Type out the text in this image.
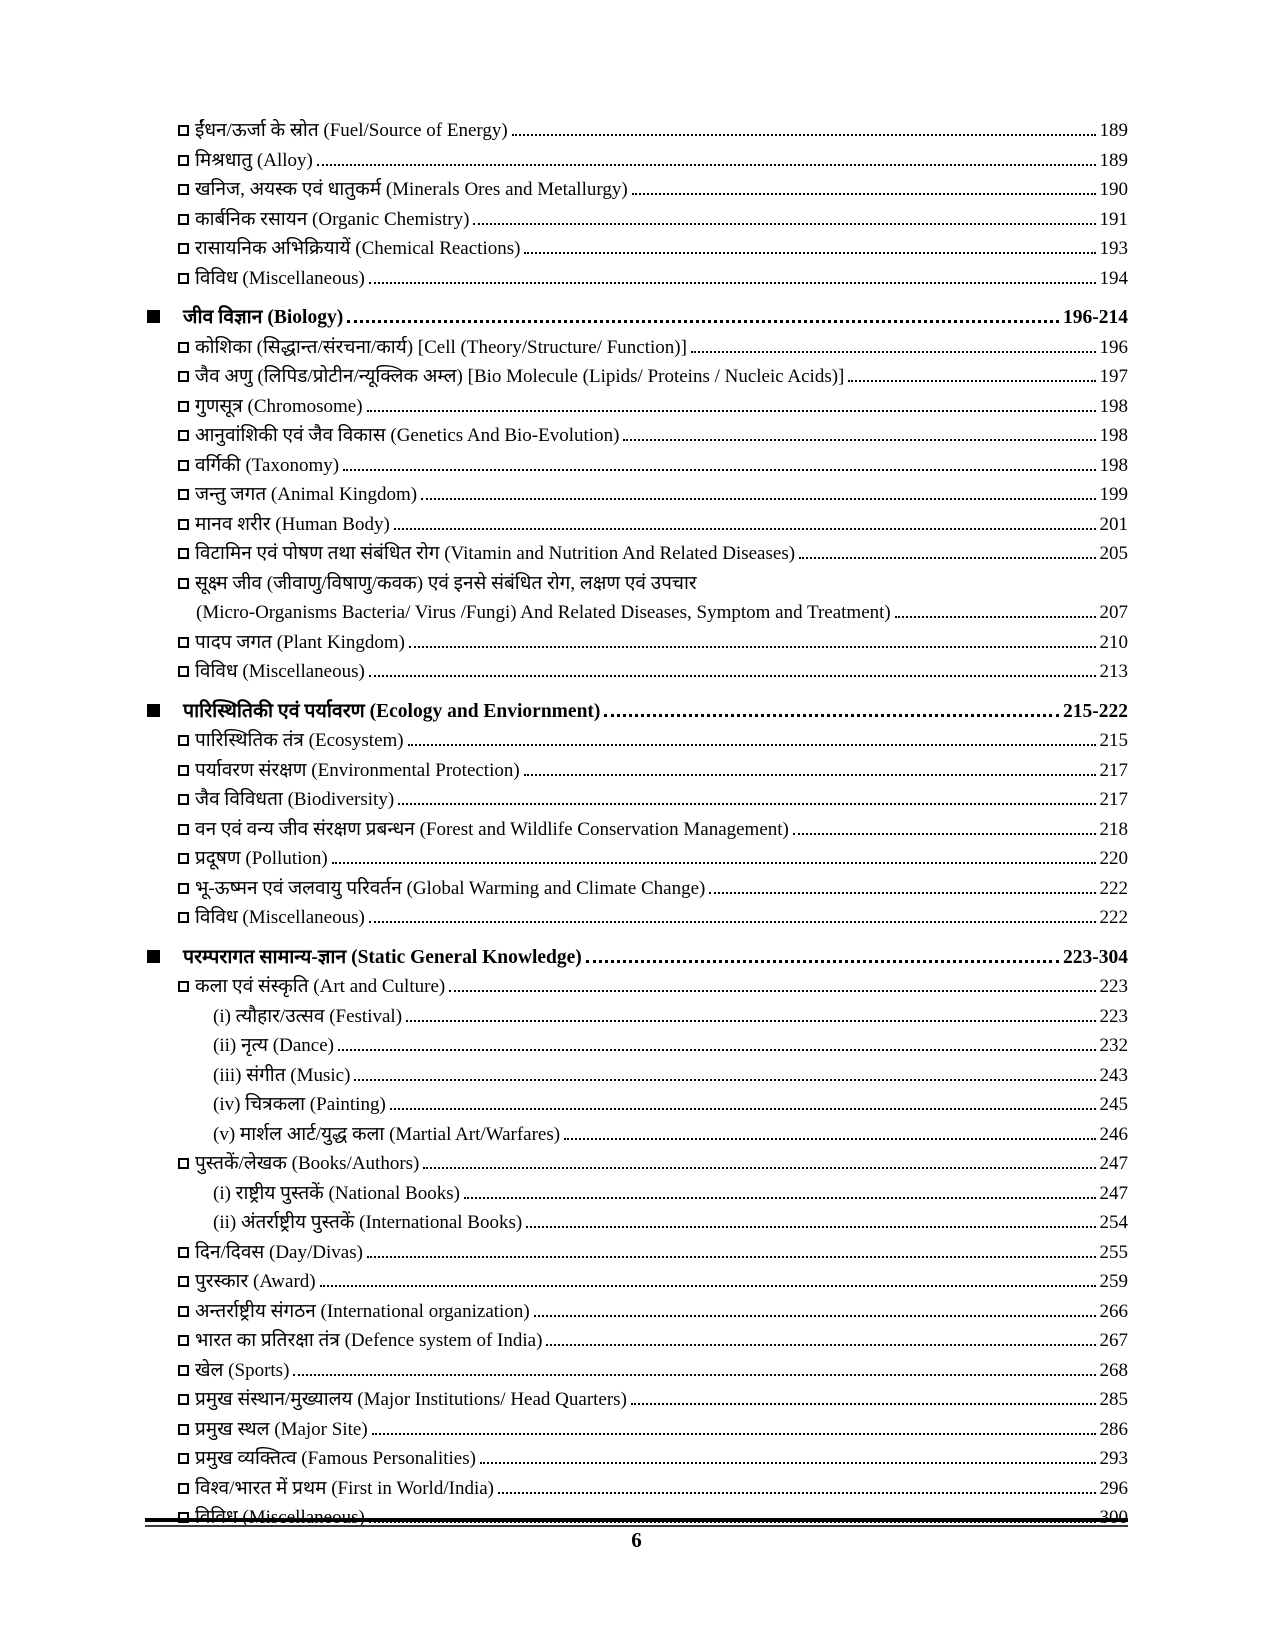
ईंधन/ऊर्जा के स्रोत (Fuel/Source of Energy)	189
मिश्रधातु (Alloy)	189
खनिज, अयस्क एवं धातुकर्म (Minerals Ores and Metallurgy)	190
कार्बनिक रसायन (Organic Chemistry)	191
रासायनिक अभिक्रियायें (Chemical Reactions)	193
विविध (Miscellaneous)	194
जीव विज्ञान (Biology)	196-214
कोशिका (सिद्धान्त/संरचना/कार्य) [Cell (Theory/Structure/ Function)]	196
जैव अणु (लिपिड/प्रोटीन/न्यूक्लिक अम्ल) [Bio Molecule (Lipids/ Proteins / Nucleic Acids)]	197
गुणसूत्र (Chromosome)	198
आनुवांशिकी एवं जैव विकास (Genetics And Bio-Evolution)	198
वर्गिकी (Taxonomy)	198
जन्तु जगत (Animal Kingdom)	199
मानव शरीर (Human Body)	201
विटामिन एवं पोषण तथा संबंधित रोग (Vitamin and Nutrition And Related Diseases)	205
सूक्ष्म जीव (जीवाणु/विषाणु/कवक) एवं इनसे संबंधित रोग, लक्षण एवं उपचार
(Micro-Organisms Bacteria/ Virus /Fungi) And Related Diseases, Symptom and Treatment)	207
पादप जगत (Plant Kingdom)	210
विविध (Miscellaneous)	213
पारिस्थितिकी एवं पर्यावरण (Ecology and Enviornment)	215-222
पारिस्थितिक तंत्र (Ecosystem)	215
पर्यावरण संरक्षण (Environmental Protection)	217
जैव विविधता (Biodiversity)	217
वन एवं वन्य जीव संरक्षण प्रबन्धन (Forest and Wildlife Conservation Management)	218
प्रदूषण (Pollution)	220
भू-ऊष्मन एवं जलवायु परिवर्तन (Global Warming and Climate Change)	222
विविध (Miscellaneous)	222
परम्परागत सामान्य-ज्ञान (Static General Knowledge)	223-304
कला एवं संस्कृति (Art and Culture)	223
(i) त्यौहार/उत्सव (Festival)	223
(ii) नृत्य (Dance)	232
(iii) संगीत (Music)	243
(iv) चित्रकला (Painting)	245
(v) मार्शल आर्ट/युद्ध कला (Martial Art/Warfares)	246
पुस्तकें/लेखक (Books/Authors)	247
(i) राष्ट्रीय पुस्तकें (National Books)	247
(ii) अंतर्राष्ट्रीय पुस्तकें (International Books)	254
दिन/दिवस (Day/Divas)	255
पुरस्कार (Award)	259
अन्तर्राष्ट्रीय संगठन (International organization)	266
भारत का प्रतिरक्षा तंत्र (Defence system of India)	267
खेल (Sports)	268
प्रमुख संस्थान/मुख्यालय (Major Institutions/ Head Quarters)	285
प्रमुख स्थल (Major Site)	286
प्रमुख व्यक्तित्व (Famous Personalities)	293
विश्व/भारत में प्रथम (First in World/India)	296
विविध (Miscellaneous)	300
6
